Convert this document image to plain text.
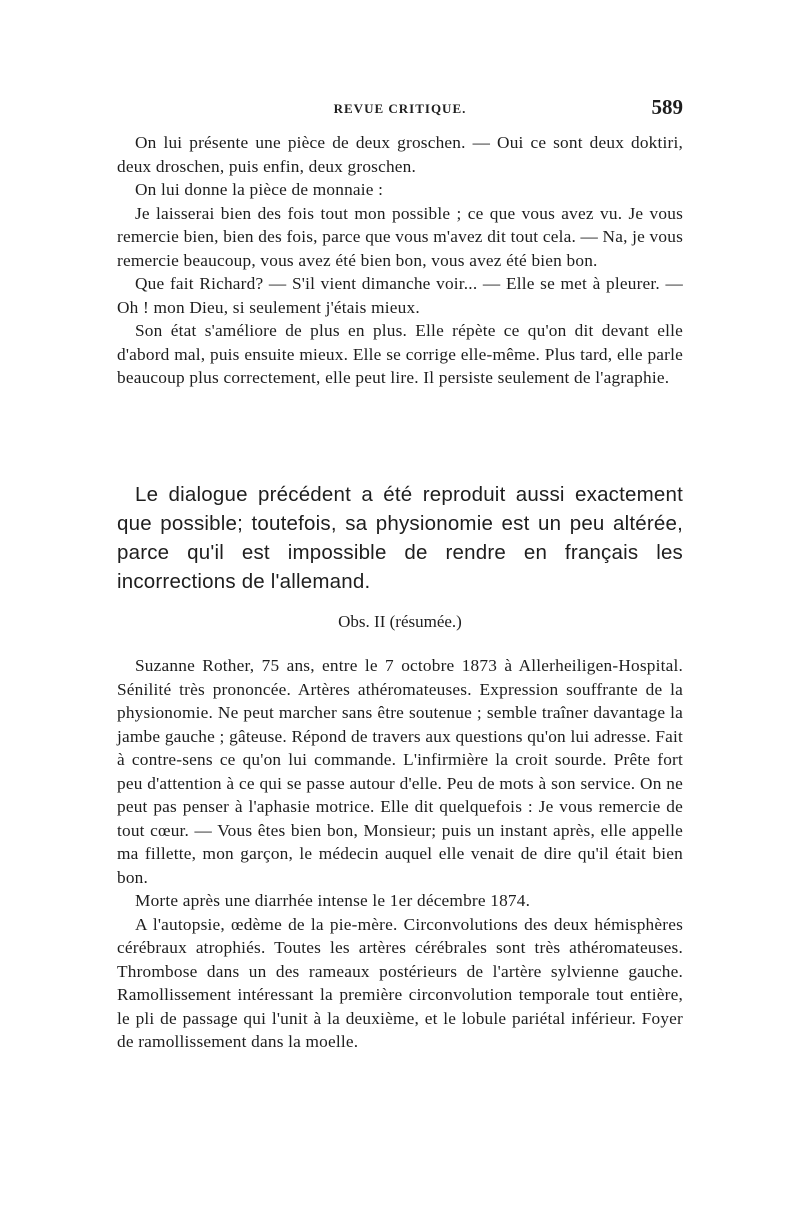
REVUE CRITIQUE.	589

On lui présente une pièce de deux groschen. — Oui ce sont deux doktiri, deux droschen, puis enfin, deux groschen.

On lui donne la pièce de monnaie :

Je laisserai bien des fois tout mon possible ; ce que vous avez vu. Je vous remercie bien, bien des fois, parce que vous m'avez dit tout cela. — Na, je vous remercie beaucoup, vous avez été bien bon, vous avez été bien bon.

Que fait Richard? — S'il vient dimanche voir... — Elle se met à pleurer. — Oh ! mon Dieu, si seulement j'étais mieux.

Son état s'améliore de plus en plus. Elle répète ce qu'on dit devant elle d'abord mal, puis ensuite mieux. Elle se corrige elle-même. Plus tard, elle parle beaucoup plus correctement, elle peut lire. Il persiste seulement de l'agraphie.

Le dialogue précédent a été reproduit aussi exactement que possible; toutefois, sa physionomie est un peu altérée, parce qu'il est impossible de rendre en français les incorrections de l'allemand.

Obs. II (résumée.)

Suzanne Rother, 75 ans, entre le 7 octobre 1873 à Allerheiligen-Hospital. Sénilité très prononcée. Artères athéromateuses. Expression souffrante de la physionomie. Ne peut marcher sans être soutenue ; semble traîner davantage la jambe gauche ; gâteuse. Répond de travers aux questions qu'on lui adresse. Fait à contre-sens ce qu'on lui commande. L'infirmière la croit sourde. Prête fort peu d'attention à ce qui se passe autour d'elle. Peu de mots à son service. On ne peut pas penser à l'aphasie motrice. Elle dit quelquefois : Je vous remercie de tout cœur. — Vous êtes bien bon, Monsieur; puis un instant après, elle appelle ma fillette, mon garçon, le médecin auquel elle venait de dire qu'il était bien bon.

Morte après une diarrhée intense le 1er décembre 1874.

A l'autopsie, œdème de la pie-mère. Circonvolutions des deux hémisphères cérébraux atrophiés. Toutes les artères cérébrales sont très athéromateuses. Thrombose dans un des rameaux postérieurs de l'artère sylvienne gauche. Ramollissement intéressant la première circonvolution temporale tout entière, le pli de passage qui l'unit à la deuxième, et le lobule pariétal inférieur. Foyer de ramollissement dans la moelle.
